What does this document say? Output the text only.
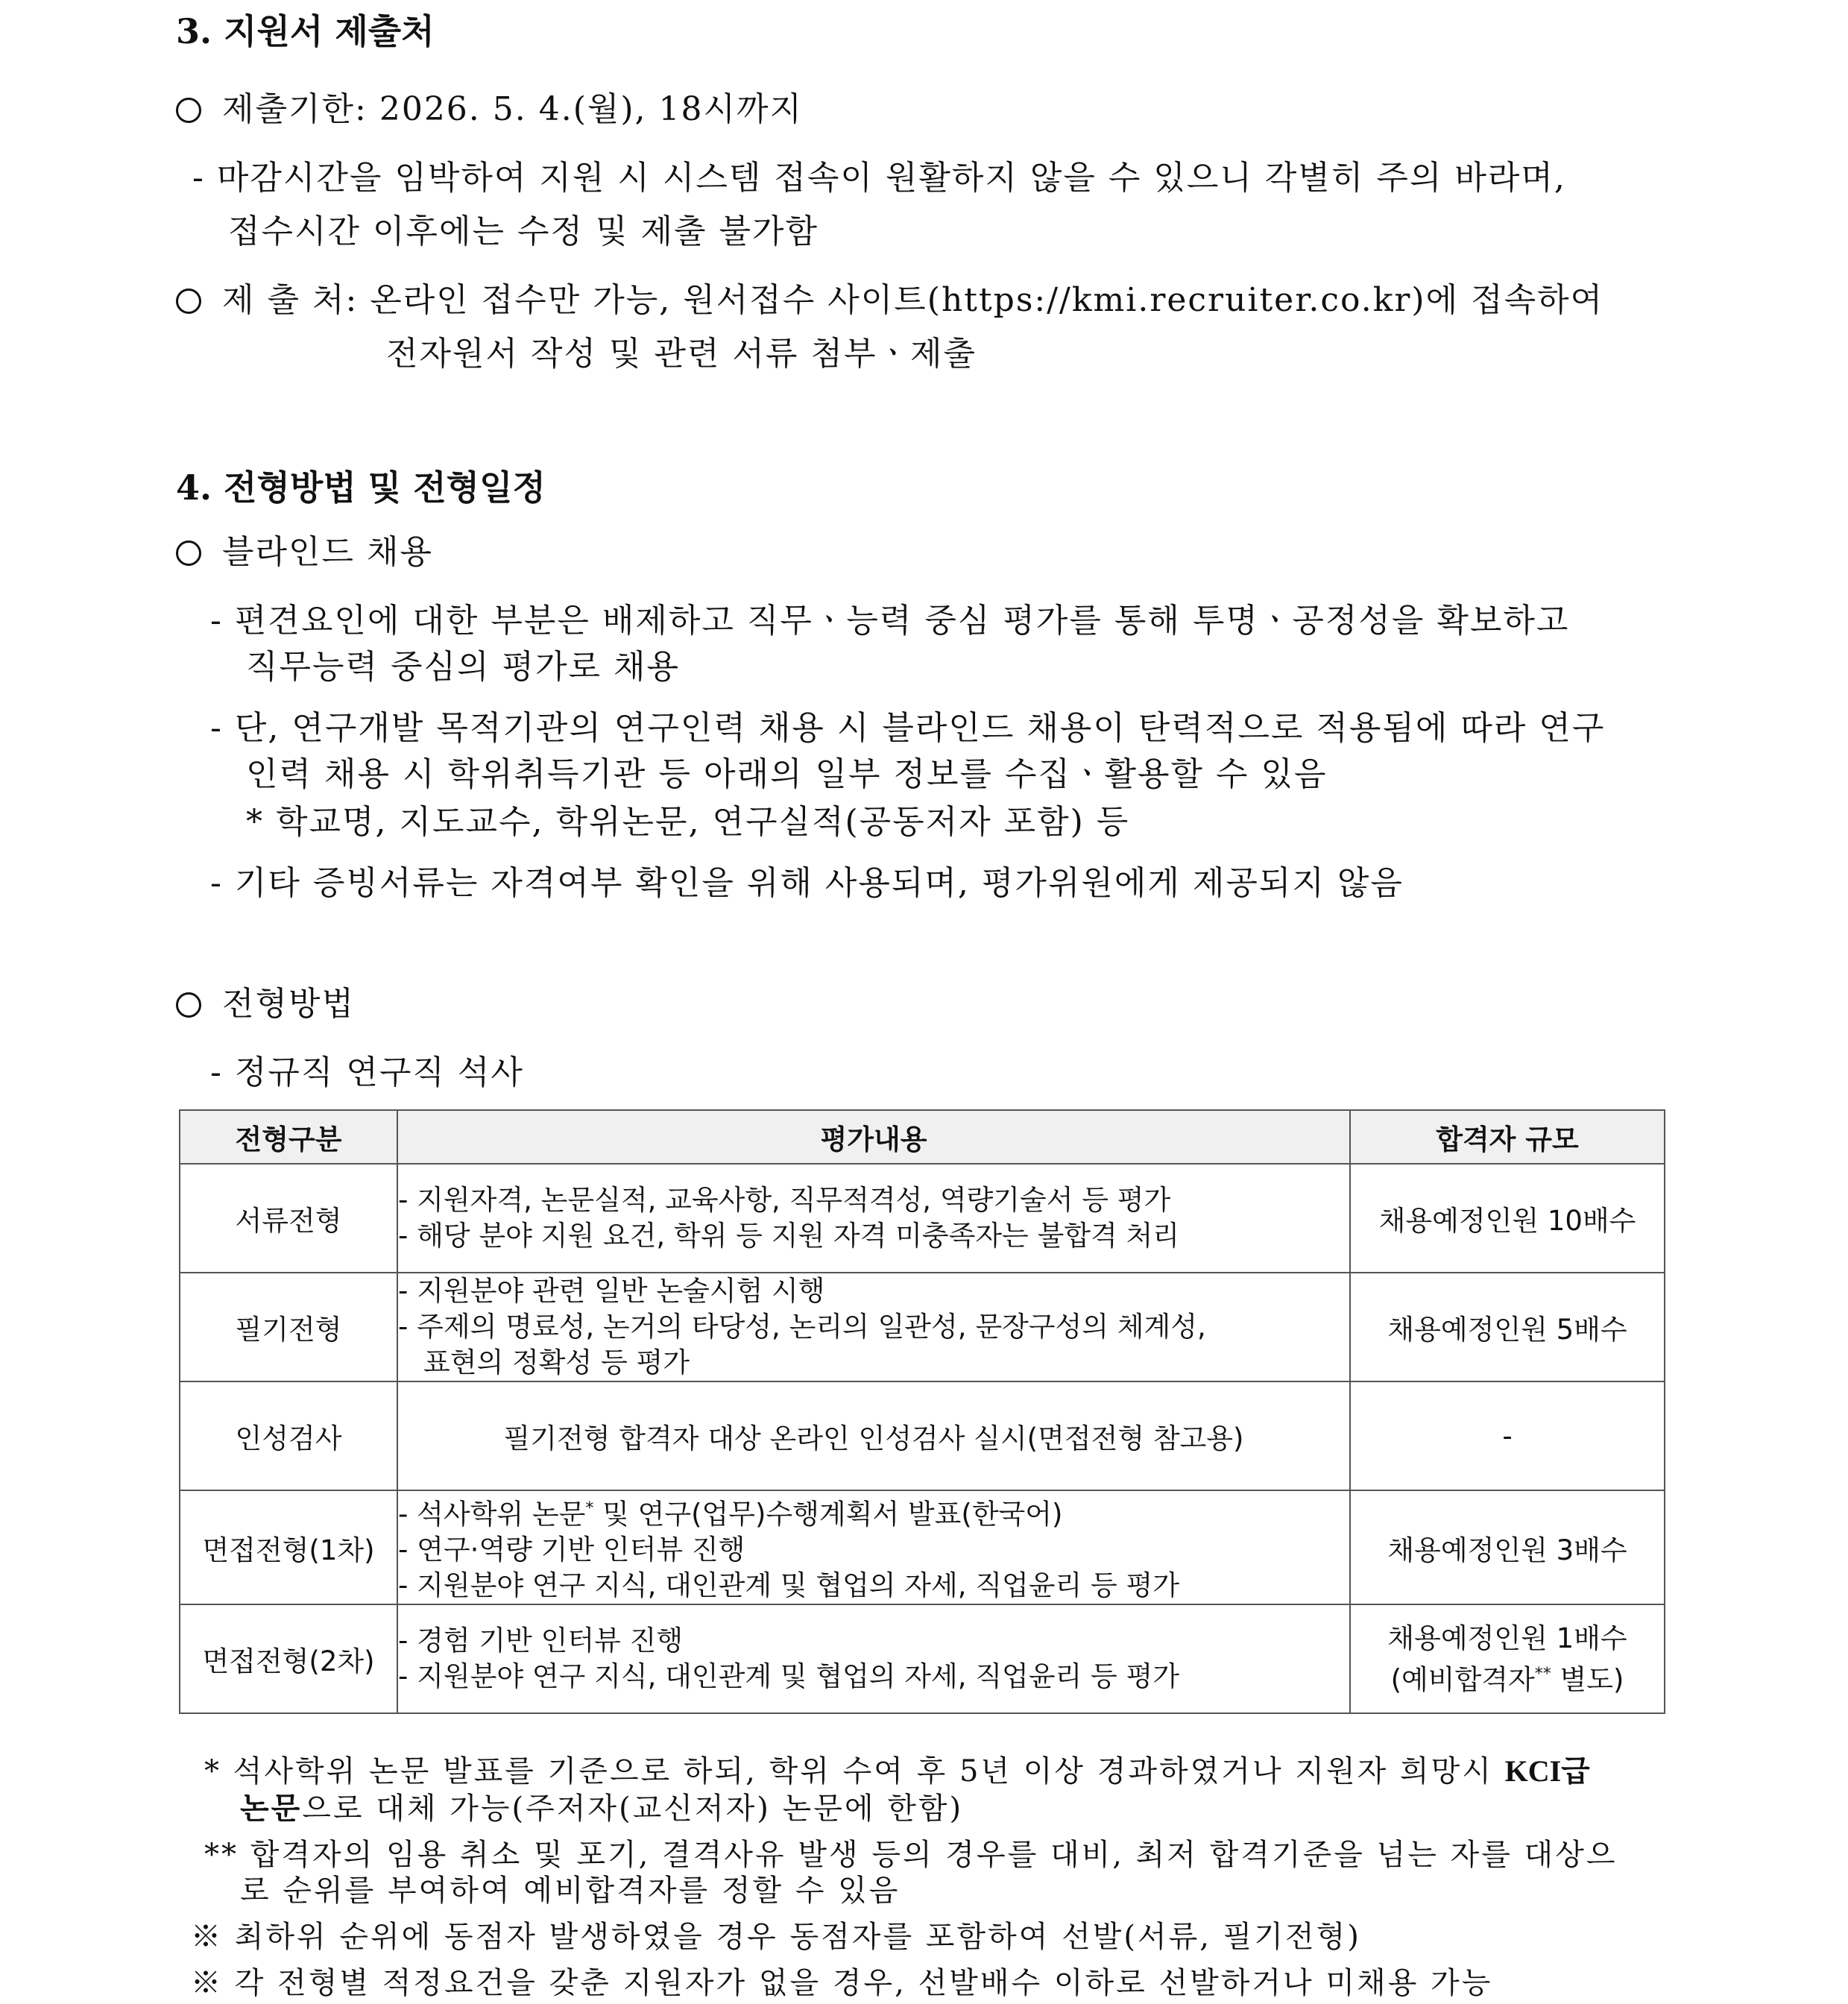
3. 지원서 제출처
제출기한: 2026. 5. 4.(월), 18시까지
- 마감시간을 임박하여 지원 시 시스템 접속이 원활하지 않을 수 있으니 각별히 주의 바라며,
접수시간 이후에는 수정 및 제출 불가함
제 출 처: 온라인 접수만 가능, 원서접수 사이트(https://kmi.recruiter.co.kr)에 접속하여
전자원서 작성 및 관련 서류 첨부ㆍ제출
4. 전형방법 및 전형일정
블라인드 채용
- 편견요인에 대한 부분은 배제하고 직무ㆍ능력 중심 평가를 통해 투명ㆍ공정성을 확보하고
직무능력 중심의 평가로 채용
- 단, 연구개발 목적기관의 연구인력 채용 시 블라인드 채용이 탄력적으로 적용됨에 따라 연구
인력 채용 시 학위취득기관 등 아래의 일부 정보를 수집ㆍ활용할 수 있음
* 학교명, 지도교수, 학위논문, 연구실적(공동저자 포함) 등
- 기타 증빙서류는 자격여부 확인을 위해 사용되며, 평가위원에게 제공되지 않음
전형방법
- 정규직 연구직 석사
전형구분	평가내용	합격자 규모
서류전형	- 지원자격, 논문실적, 교육사항, 직무적격성, 역량기술서 등 평가
- 해당 분야 지원 요건, 학위 등 지원 자격 미충족자는 불합격 처리	채용예정인원 10배수
필기전형	- 지원분야 관련 일반 논술시험 시행
- 주제의 명료성, 논거의 타당성, 논리의 일관성, 문장구성의 체계성,
표현의 정확성 등 평가	채용예정인원 5배수
인성검사	필기전형 합격자 대상 온라인 인성검사 실시(면접전형 참고용)	-
면접전형(1차)	- 석사학위 논문* 및 연구(업무)수행계획서 발표(한국어)
- 연구·역량 기반 인터뷰 진행
- 지원분야 연구 지식, 대인관계 및 협업의 자세, 직업윤리 등 평가	채용예정인원 3배수
면접전형(2차)	- 경험 기반 인터뷰 진행
- 지원분야 연구 지식, 대인관계 및 협업의 자세, 직업윤리 등 평가	채용예정인원 1배수
(예비합격자** 별도)
* 석사학위 논문 발표를 기준으로 하되, 학위 수여 후 5년 이상 경과하였거나 지원자 희망시 KCI급
논문으로 대체 가능(주저자(교신저자) 논문에 한함)
** 합격자의 임용 취소 및 포기, 결격사유 발생 등의 경우를 대비, 최저 합격기준을 넘는 자를 대상으
로 순위를 부여하여 예비합격자를 정할 수 있음
※ 최하위 순위에 동점자 발생하였을 경우 동점자를 포함하여 선발(서류, 필기전형)
※ 각 전형별 적정요건을 갖춘 지원자가 없을 경우, 선발배수 이하로 선발하거나 미채용 가능
